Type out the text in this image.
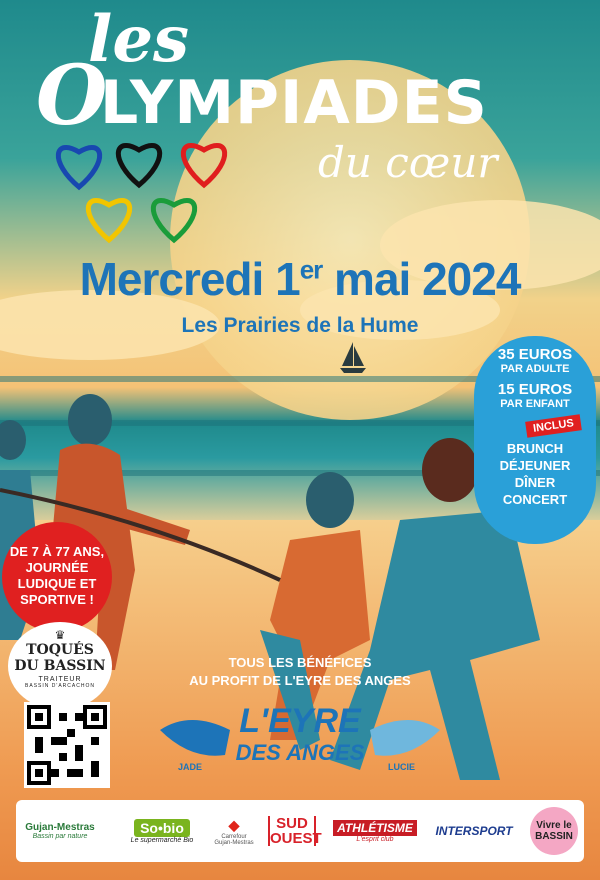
les
O
LYMPIADES
du cœur
Mercredi 1er mai 2024
Les Prairies de la Hume
35 EUROS
PAR ADULTE
15 EUROS
PAR ENFANT
BRUNCH
DÉJEUNER
DÎNER
CONCERT
INCLUS
DE 7 À 77 ANS,
JOURNÉE
LUDIQUE ET
SPORTIVE !
♛
TOQUÉS
DU BASSIN
TRAITEUR
BASSIN D'ARCACHON
TOUS LES BÉNÉFICES
AU PROFIT DE L'EYRE DES ANGES
L'EYRE
DES ANGES
JADE	LUCIE
Gujan-Mestras
Bassin par nature
So•bio
Le supermarché Bio
◆
Carrefour
Gujan-Mestras
SUD OUEST
ATHLÉTISME
L'esprit club
INTERSPORT	Vivre le BASSIN
